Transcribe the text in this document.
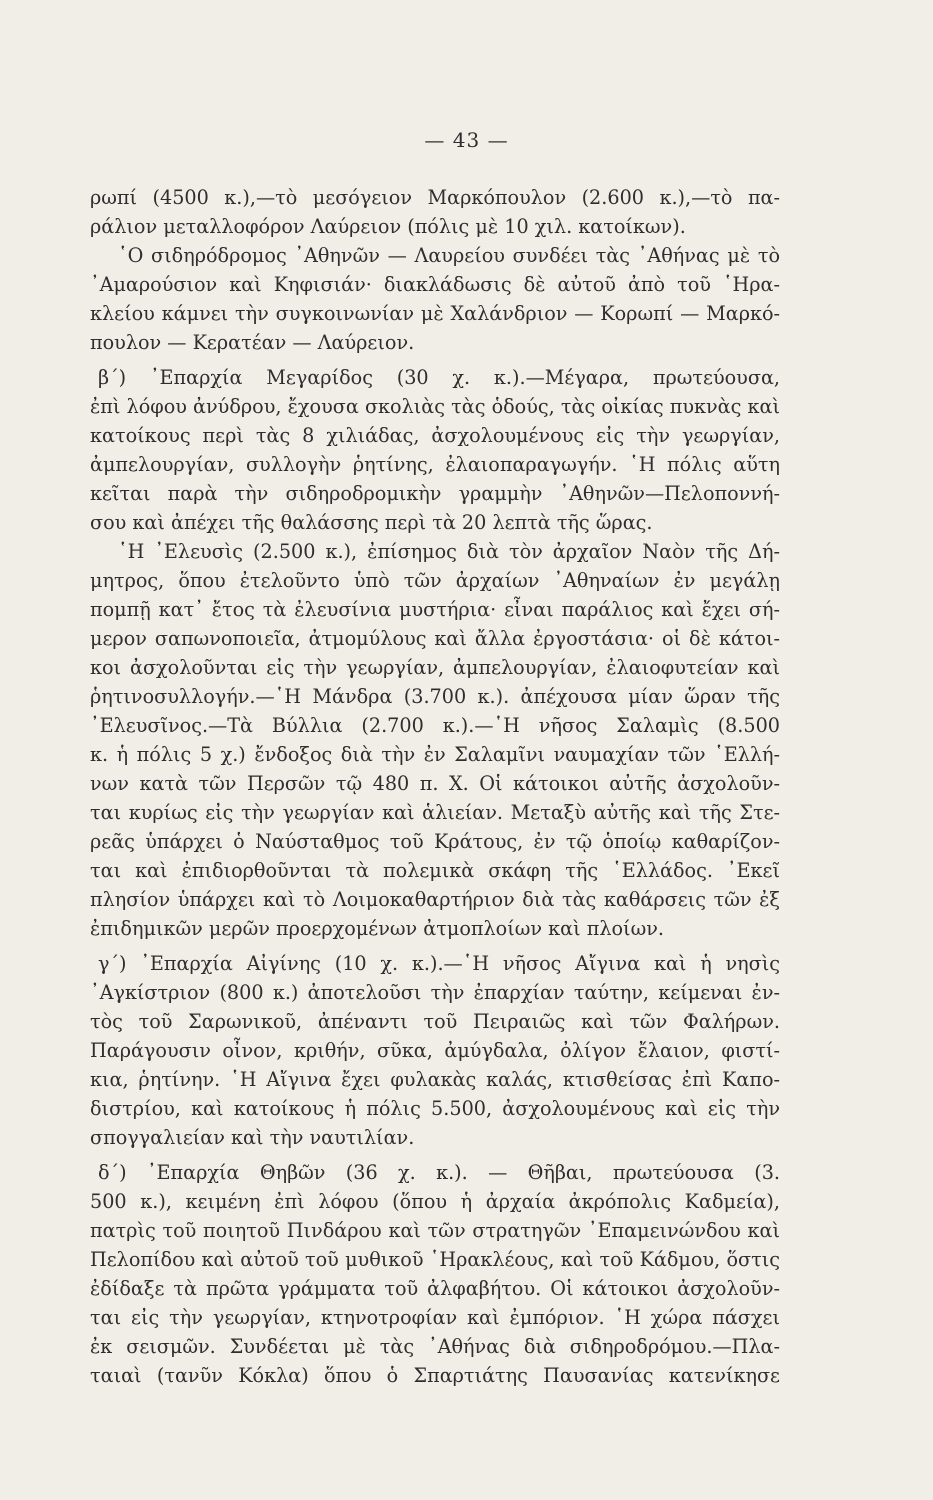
— 43 —
ρωπί (4500 κ.),—τὸ μεσόγειον Μαρκόπουλον (2.600 κ.),—τὸ πα-
ράλιον μεταλλοφόρον Λαύρειον (πόλις μὲ 10 χιλ. κατοίκων).
῾Ο σιδηρόδρομος ᾿Αθηνῶν — Λαυρείου συνδέει τὰς ᾿Αθήνας μὲ τὸ
᾿Αμαρούσιον καὶ Κηφισιάν· διακλάδωσις δὲ αὐτοῦ ἀπὸ τοῦ ῾Ηρα-
κλείου κάμνει τὴν συγκοινωνίαν μὲ Χαλάνδριον — Κορωπί — Μαρκό-
πουλον — Κερατέαν — Λαύρειον.
β΄) ᾿Επαρχία Μεγαρίδος (30 χ. κ.).—Μέγαρα, πρωτεύουσα,
ἐπὶ λόφου ἀνύδρου, ἔχουσα σκολιὰς τὰς ὁδούς, τὰς οἰκίας πυκνὰς καὶ
κατοίκους περὶ τὰς 8 χιλιάδας, ἀσχολουμένους εἰς τὴν γεωργίαν,
ἀμπελουργίαν, συλλογὴν ῥητίνης, ἐλαιοπαραγωγήν. ῾Η πόλις αὕτη
κεῖται παρὰ τὴν σιδηροδρομικὴν γραμμὴν ᾿Αθηνῶν—Πελοποννή-
σου καὶ ἀπέχει τῆς θαλάσσης περὶ τὰ 20 λεπτὰ τῆς ὥρας.
῾Η ᾿Ελευσὶς (2.500 κ.), ἐπίσημος διὰ τὸν ἀρχαῖον Ναὸν τῆς Δή-
μητρος, ὅπου ἐτελοῦντο ὑπὸ τῶν ἀρχαίων ᾿Αθηναίων ἐν μεγάλῃ
πομπῇ κατ᾿ ἔτος τὰ ἐλευσίνια μυστήρια· εἶναι παράλιος καὶ ἔχει σή-
μερον σαπωνοποιεῖα, ἀτμομύλους καὶ ἄλλα ἐργοστάσια· οἱ δὲ κάτοι-
κοι ἀσχολοῦνται εἰς τὴν γεωργίαν, ἀμπελουργίαν, ἐλαιοφυτείαν καὶ
ῥητινοσυλλογήν.—῾Η Μάνδρα (3.700 κ.). ἀπέχουσα μίαν ὥραν τῆς
᾿Ελευσῖνος.—Τὰ Βύλλια (2.700 κ.).—῾Η νῆσος Σαλαμὶς (8.500
κ. ἡ πόλις 5 χ.) ἔνδοξος διὰ τὴν ἐν Σαλαμῖνι ναυμαχίαν τῶν ῾Ελλή-
νων κατὰ τῶν Περσῶν τῷ 480 π. Χ. Οἱ κάτοικοι αὐτῆς ἀσχολοῦν-
ται κυρίως εἰς τὴν γεωργίαν καὶ ἁλιείαν. Μεταξὺ αὐτῆς καὶ τῆς Στε-
ρεᾶς ὑπάρχει ὁ Ναύσταθμος τοῦ Κράτους, ἐν τῷ ὁποίῳ καθαρίζον-
ται καὶ ἐπιδιορθοῦνται τὰ πολεμικὰ σκάφη τῆς ῾Ελλάδος. ᾿Εκεῖ
πλησίον ὑπάρχει καὶ τὸ Λοιμοκαθαρτήριον διὰ τὰς καθάρσεις τῶν ἐξ
ἐπιδημικῶν μερῶν προερχομένων ἀτμοπλοίων καὶ πλοίων.
γ΄) ᾿Επαρχία Αἰγίνης (10 χ. κ.).—῾Η νῆσος Αἴγινα καὶ ἡ νησὶς
᾿Αγκίστριον (800 κ.) ἀποτελοῦσι τὴν ἐπαρχίαν ταύτην, κείμεναι ἐν-
τὸς τοῦ Σαρωνικοῦ, ἀπέναντι τοῦ Πειραιῶς καὶ τῶν Φαλήρων.
Παράγουσιν οἶνον, κριθήν, σῦκα, ἀμύγδαλα, ὀλίγον ἔλαιον, φιστί-
κια, ῥητίνην. ῾Η Αἴγινα ἔχει φυλακὰς καλάς, κτισθείσας ἐπὶ Καπο-
διστρίου, καὶ κατοίκους ἡ πόλις 5.500, ἀσχολουμένους καὶ εἰς τὴν
σπογγαλιείαν καὶ τὴν ναυτιλίαν.
δ΄) ᾿Επαρχία Θηβῶν (36 χ. κ.). — Θῆβαι, πρωτεύουσα (3.
500 κ.), κειμένη ἐπὶ λόφου (ὅπου ἡ ἀρχαία ἀκρόπολις Καδμεία),
πατρὶς τοῦ ποιητοῦ Πινδάρου καὶ τῶν στρατηγῶν ᾿Επαμεινώνδου καὶ
Πελοπίδου καὶ αὐτοῦ τοῦ μυθικοῦ ῾Ηρακλέους, καὶ τοῦ Κάδμου, ὅστις
ἐδίδαξε τὰ πρῶτα γράμματα τοῦ ἀλφαβήτου. Οἱ κάτοικοι ἀσχολοῦν-
ται εἰς τὴν γεωργίαν, κτηνοτροφίαν καὶ ἐμπόριον. ῾Η χώρα πάσχει
ἐκ σεισμῶν. Συνδέεται μὲ τὰς ᾿Αθήνας διὰ σιδηροδρόμου.—Πλα-
ταιαὶ (τανῦν Κόκλα) ὅπου ὁ Σπαρτιάτης Παυσανίας κατενίκησε
